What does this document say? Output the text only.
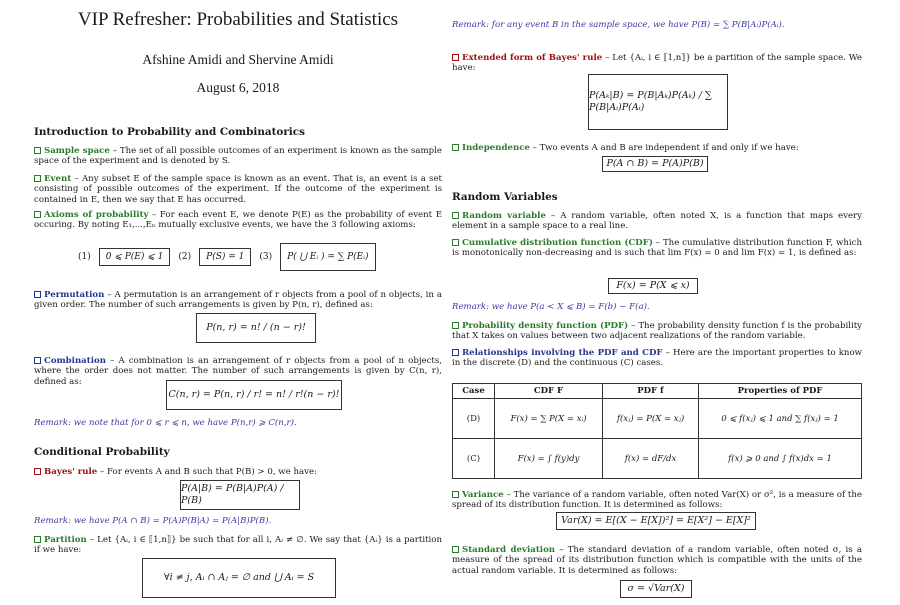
VIP Refresher: Probabilities and Statistics
Afshine Amidi and Shervine Amidi
August 6, 2018
Introduction to Probability and Combinatorics
Sample space – The set of all possible outcomes of an experiment is known as the sample space of the experiment and is denoted by S.
Event – Any subset E of the sample space is known as an event. That is, an event is a set consisting of possible outcomes of the experiment. If the outcome of the experiment is contained in E, then we say that E has occurred.
Axioms of probability – For each event E, we denote P(E) as the probability of event E occuring. By noting E₁,...,Eₙ mutually exclusive events, we have the 3 following axioms:
(1)	0 ⩽ P(E) ⩽ 1	(2)	P(S) = 1	(3)	P( ⋃ Eᵢ ) = ∑ P(Eᵢ)
Permutation – A permutation is an arrangement of r objects from a pool of n objects, in a given order. The number of such arrangements is given by P(n, r), defined as:
P(n, r) = n! / (n − r)!
Combination – A combination is an arrangement of r objects from a pool of n objects, where the order does not matter. The number of such arrangements is given by C(n, r), defined as:
C(n, r) = P(n, r) / r! = n! / r!(n − r)!
Remark: we note that for 0 ⩽ r ⩽ n, we have P(n,r) ⩾ C(n,r).
Conditional Probability
Bayes' rule – For events A and B such that P(B) > 0, we have:
P(A|B) = P(B|A)P(A) / P(B)
Remark: we have P(A ∩ B) = P(A)P(B|A) = P(A|B)P(B).
Partition – Let {Aᵢ, i ∈ ⟦1,n⟧} be such that for all i, Aᵢ ≠ ∅. We say that {Aᵢ} is a partition if we have:
∀i ≠ j, Aᵢ ∩ Aⱼ = ∅ and ⋃ Aᵢ = S
Remark: for any event B in the sample space, we have P(B) = ∑ P(B|Aᵢ)P(Aᵢ).
Extended form of Bayes' rule – Let {Aᵢ, i ∈ ⟦1,n⟧} be a partition of the sample space. We have:
P(Aₖ|B) = P(B|Aₖ)P(Aₖ) / ∑ P(B|Aᵢ)P(Aᵢ)
Independence – Two events A and B are independent if and only if we have:
P(A ∩ B) = P(A)P(B)
Random Variables
Random variable – A random variable, often noted X, is a function that maps every element in a sample space to a real line.
Cumulative distribution function (CDF) – The cumulative distribution function F, which is monotonically non-decreasing and is such that lim F(x) = 0 and lim F(x) = 1, is defined as:
F(x) = P(X ⩽ x)
Remark: we have P(a < X ⩽ B) = F(b) − F(a).
Probability density function (PDF) – The probability density function f is the probability that X takes on values between two adjacent realizations of the random variable.
Relationships involving the PDF and CDF – Here are the important properties to know in the discrete (D) and the continuous (C) cases.
Case	CDF F	PDF f	Properties of PDF
(D)	F(x) = ∑ P(X = xᵢ)	f(xⱼ) = P(X = xⱼ)	0 ⩽ f(xⱼ) ⩽ 1 and ∑ f(xⱼ) = 1
(C)	F(x) = ∫ f(y)dy	f(x) = dF/dx	f(x) ⩾ 0 and ∫ f(x)dx = 1
Variance – The variance of a random variable, often noted Var(X) or σ², is a measure of the spread of its distribution function. It is determined as follows:
Var(X) = E[(X − E[X])²] = E[X²] − E[X]²
Standard deviation – The standard deviation of a random variable, often noted σ, is a measure of the spread of its distribution function which is compatible with the units of the actual random variable. It is determined as follows:
σ = √Var(X)
